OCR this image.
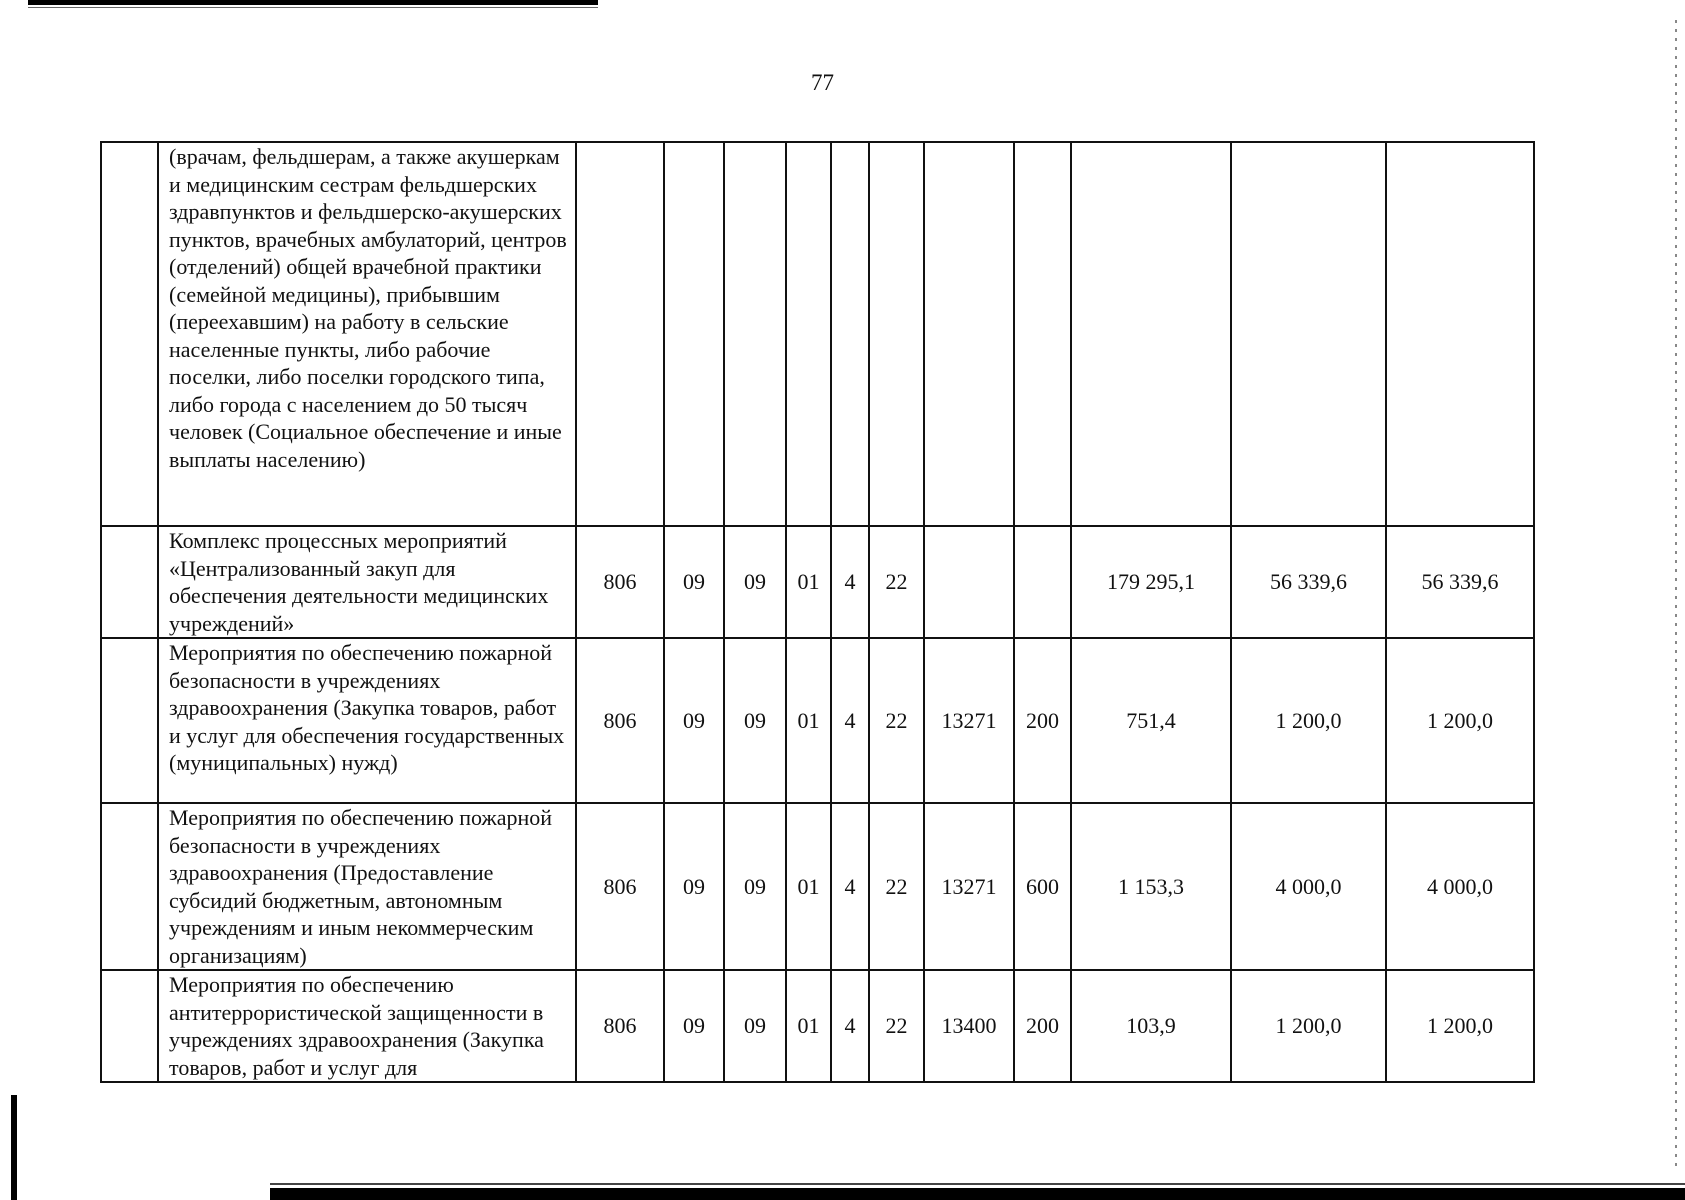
77
	(врачам, фельдшерам, а также акушеркам и медицинским сестрам фельдшерских здравпунктов и фельдшерско-акушерских пунктов, врачебных амбулаторий, центров (отделений) общей врачебной практики (семейной медицины), прибывшим (переехавшим) на работу в сельские населенные пункты, либо рабочие поселки, либо поселки городского типа, либо города с населением до 50 тысяч человек (Социальное обеспечение и иные выплаты населению)											
	Комплекс процессных мероприятий «Централизованный закуп для обеспечения деятельности медицинских учреждений»	806	09	09	01	4	22			179 295,1	56 339,6	56 339,6
	Мероприятия по обеспечению пожарной безопасности в учреждениях здравоохранения (Закупка товаров, работ и услуг для обеспечения государственных (муниципальных) нужд)	806	09	09	01	4	22	13271	200	751,4	1 200,0	1 200,0
	Мероприятия по обеспечению пожарной безопасности в учреждениях здравоохранения (Предоставление субсидий бюджетным, автономным учреждениям и иным некоммерческим организациям)	806	09	09	01	4	22	13271	600	1 153,3	4 000,0	4 000,0
	Мероприятия по обеспечению антитеррористической защищенности в учреждениях здравоохранения (Закупка товаров, работ и услуг для	806	09	09	01	4	22	13400	200	103,9	1 200,0	1 200,0
